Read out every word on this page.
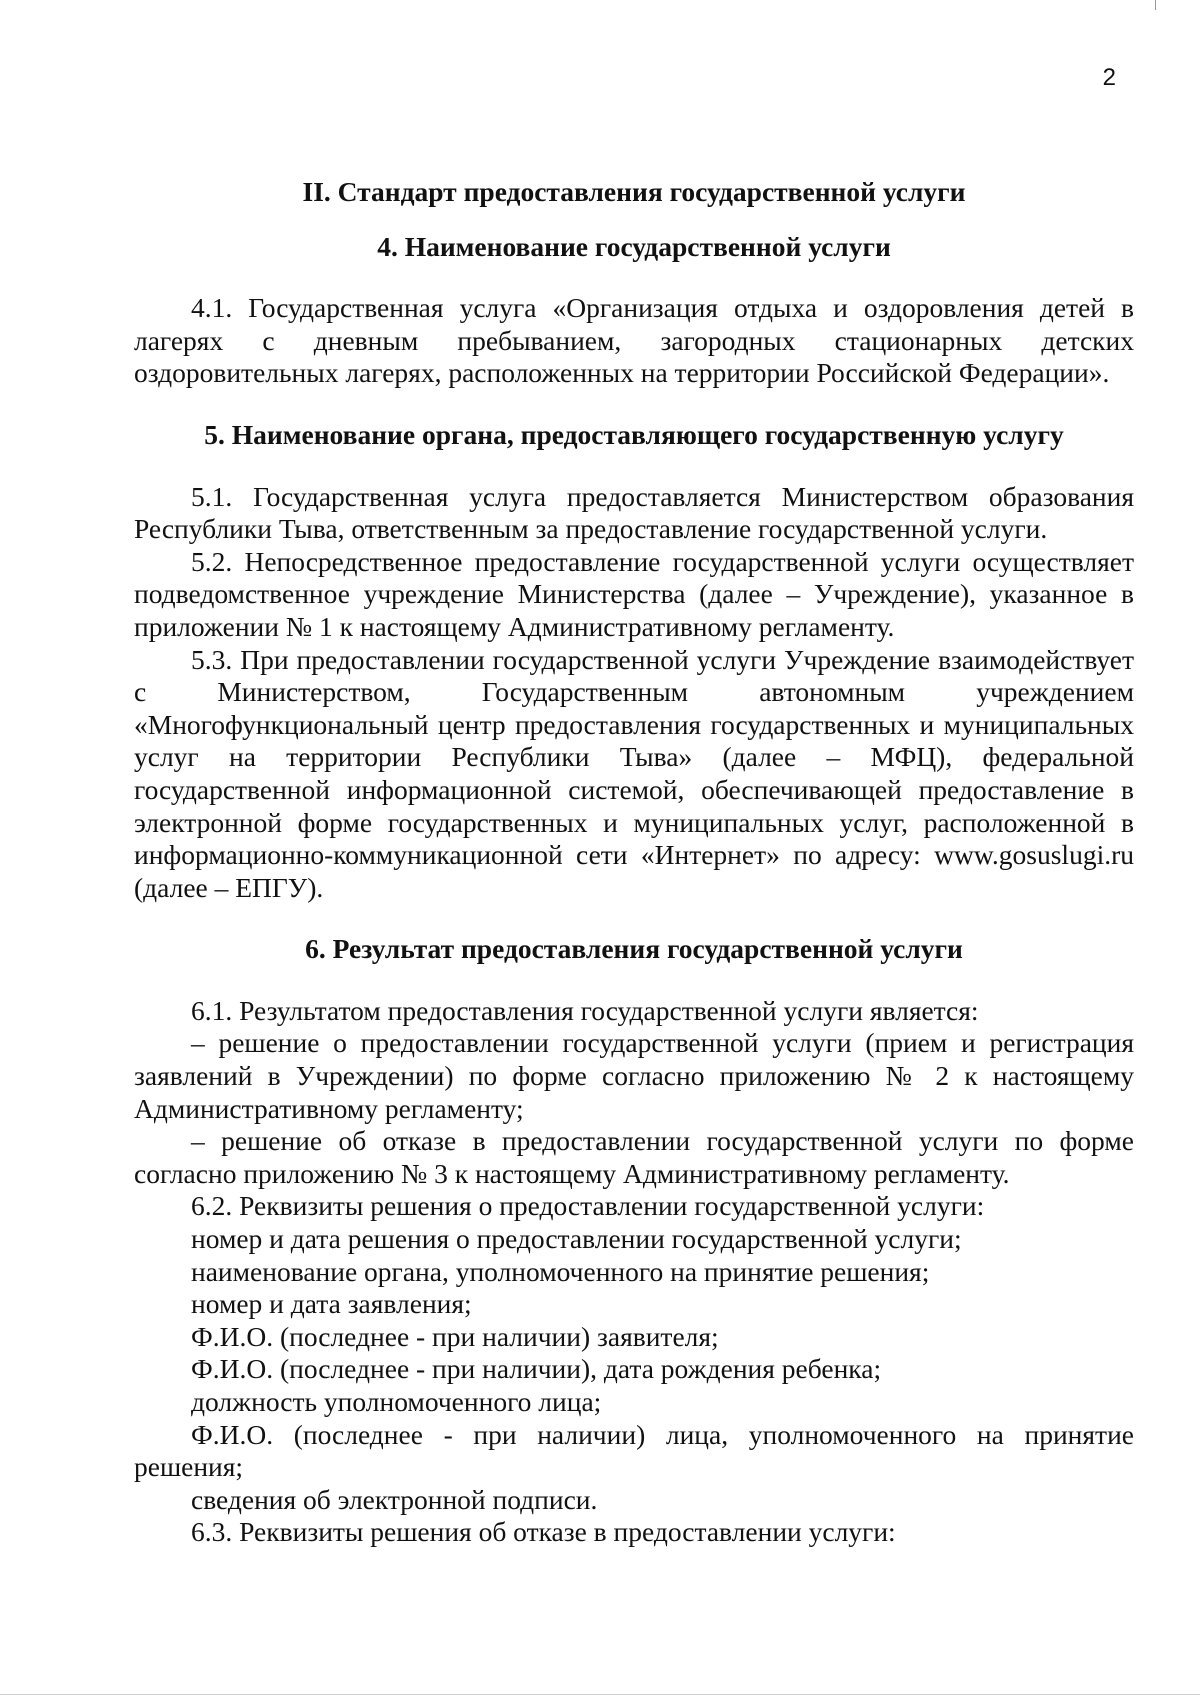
2

II. Стандарт предоставления государственной услуги

4. Наименование государственной услуги

4.1. Государственная услуга «Организация отдыха и оздоровления детей в лагерях с дневным пребыванием, загородных стационарных детских оздоровительных лагерях, расположенных на территории Российской Федерации».

5. Наименование органа, предоставляющего государственную услугу

5.1. Государственная услуга предоставляется Министерством образования Республики Тыва, ответственным за предоставление государственной услуги.

5.2. Непосредственное предоставление государственной услуги осуществляет подведомственное учреждение Министерства (далее – Учреждение), указанное в приложении № 1 к настоящему Административному регламенту.

5.3. При предоставлении государственной услуги Учреждение взаимодействует с Министерством, Государственным автономным учреждением «Многофункциональный центр предоставления государственных и муниципальных услуг на территории Республики Тыва» (далее – МФЦ), федеральной государственной информационной системой, обеспечивающей предоставление в электронной форме государственных и муниципальных услуг, расположенной в информационно-коммуникационной сети «Интернет» по адресу: www.gosuslugi.ru (далее – ЕПГУ).

6. Результат предоставления государственной услуги

6.1. Результатом предоставления государственной услуги является:

– решение о предоставлении государственной услуги (прием и регистрация заявлений в Учреждении) по форме согласно приложению № 2 к настоящему Административному регламенту;

– решение об отказе в предоставлении государственной услуги по форме согласно приложению № 3 к настоящему Административному регламенту.

6.2. Реквизиты решения о предоставлении государственной услуги:

номер и дата решения о предоставлении государственной услуги;

наименование органа, уполномоченного на принятие решения;

номер и дата заявления;

Ф.И.О. (последнее - при наличии) заявителя;

Ф.И.О. (последнее - при наличии), дата рождения ребенка;

должность уполномоченного лица;

Ф.И.О. (последнее - при наличии) лица, уполномоченного на принятие решения;

сведения об электронной подписи.

6.3. Реквизиты решения об отказе в предоставлении услуги:
